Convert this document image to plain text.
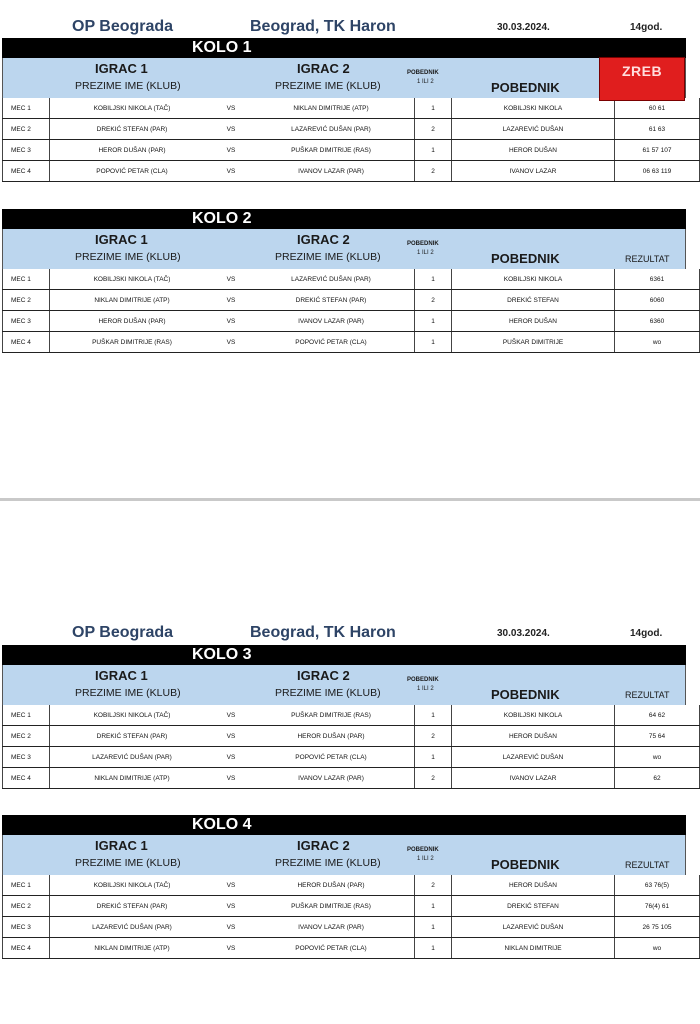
OP Beograda	Beograd, TK Haron	30.03.2024.	14god.
KOLO 1
IGRAC 1
PREZIME IME (KLUB)
IGRAC 2
PREZIME IME (KLUB)
POBEDNIK
1 ILI 2	POBEDNIK
ZREB
MEC 1	KOBILJSKI NIKOLA (TAČ)	VS	NIKLAN DIMITRIJE (ATP)	1	KOBILJSKI NIKOLA	60 61
MEC 2	DREKIĆ STEFAN (PAR)	VS	LAZAREVIĆ DUŠAN (PAR)	2	LAZAREVIĆ DUŠAN	61 63
MEC 3	HEROR DUŠAN (PAR)	VS	PUŠKAR DIMITRIJE (RAS)	1	HEROR DUŠAN	61 57 107
MEC 4	POPOVIĆ PETAR (CLA)	VS	IVANOV LAZAR (PAR)	2	IVANOV LAZAR	06 63 119
KOLO 2
IGRAC 1
PREZIME IME (KLUB)
IGRAC 2
PREZIME IME (KLUB)
POBEDNIK
1 ILI 2	POBEDNIK	REZULTAT
MEC 1	KOBILJSKI NIKOLA (TAČ)	VS	LAZAREVIĆ DUŠAN (PAR)	1	KOBILJSKI NIKOLA	6361
MEC 2	NIKLAN DIMITRIJE (ATP)	VS	DREKIĆ STEFAN (PAR)	2	DREKIĆ STEFAN	6060
MEC 3	HEROR DUŠAN (PAR)	VS	IVANOV LAZAR (PAR)	1	HEROR DUŠAN	6360
MEC 4	PUŠKAR DIMITRIJE (RAS)	VS	POPOVIĆ PETAR (CLA)	1	PUŠKAR DIMITRIJE	wo
OP Beograda	Beograd, TK Haron	30.03.2024.	14god.
KOLO 3
IGRAC 1
PREZIME IME (KLUB)
IGRAC 2
PREZIME IME (KLUB)
POBEDNIK
1 ILI 2	POBEDNIK	REZULTAT
MEC 1	KOBILJSKI NIKOLA (TAČ)	VS	PUŠKAR DIMITRIJE (RAS)	1	KOBILJSKI NIKOLA	64 62
MEC 2	DREKIĆ STEFAN (PAR)	VS	HEROR DUŠAN (PAR)	2	HEROR DUŠAN	75 64
MEC 3	LAZAREVIĆ DUŠAN (PAR)	VS	POPOVIĆ PETAR (CLA)	1	LAZAREVIĆ DUŠAN	wo
MEC 4	NIKLAN DIMITRIJE (ATP)	VS	IVANOV LAZAR (PAR)	2	IVANOV LAZAR	62
KOLO 4
IGRAC 1
PREZIME IME (KLUB)
IGRAC 2
PREZIME IME (KLUB)
POBEDNIK
1 ILI 2	POBEDNIK	REZULTAT
MEC 1	KOBILJSKI NIKOLA (TAČ)	VS	HEROR DUŠAN (PAR)	2	HEROR DUŠAN	63 76(5)
MEC 2	DREKIĆ STEFAN (PAR)	VS	PUŠKAR DIMITRIJE (RAS)	1	DREKIĆ STEFAN	76(4) 61
MEC 3	LAZAREVIĆ DUŠAN (PAR)	VS	IVANOV LAZAR (PAR)	1	LAZAREVIĆ DUŠAN	26 75 105
MEC 4	NIKLAN DIMITRIJE (ATP)	VS	POPOVIĆ PETAR (CLA)	1	NIKLAN DIMITRIJE	wo
